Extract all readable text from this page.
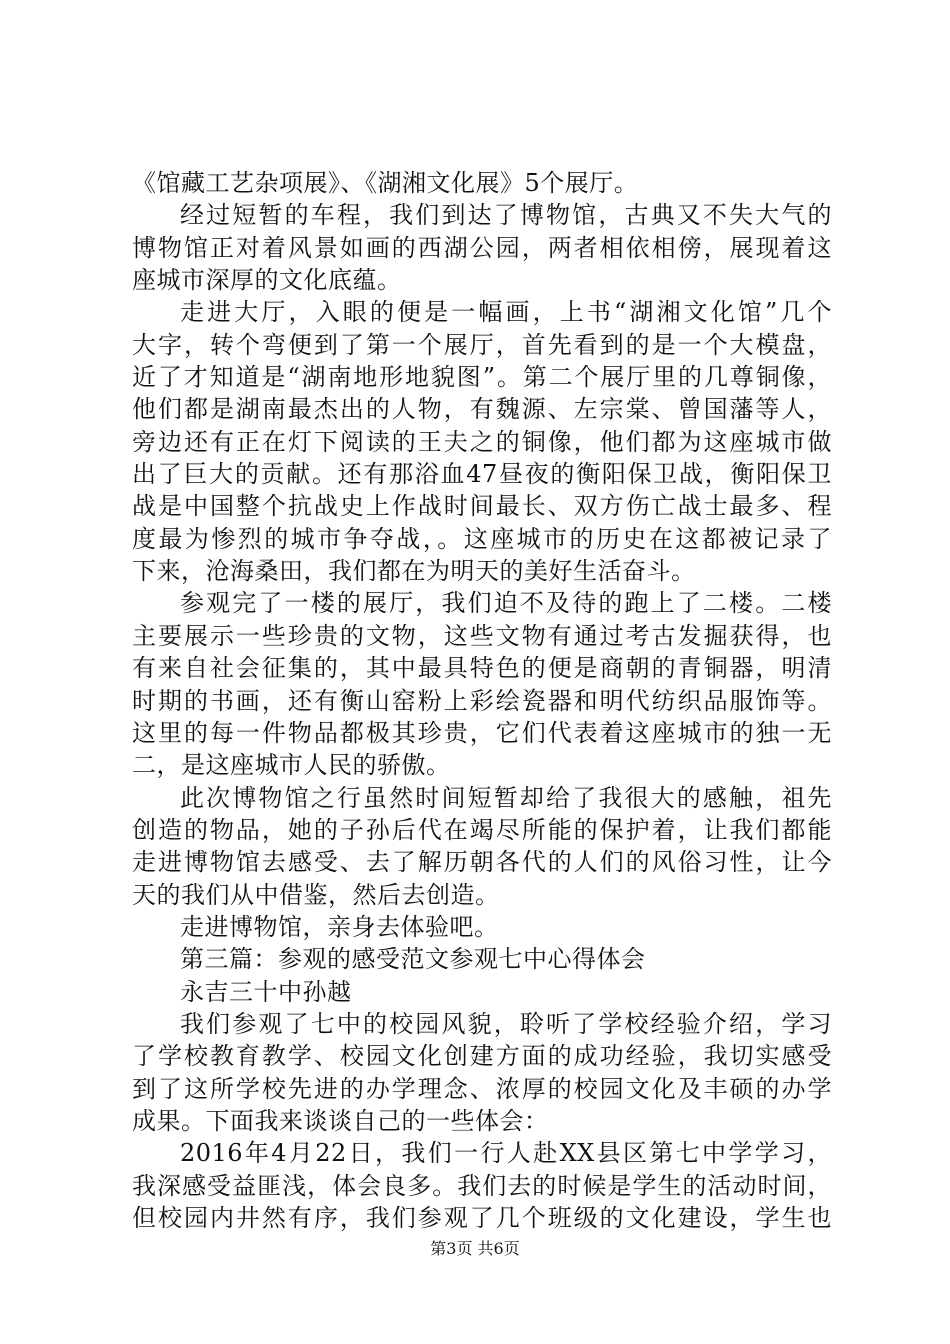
《馆藏工艺杂项展》、《湖湘文化展》5个展厅。
经过短暂的车程，我们到达了博物馆，古典又不失大气的
博物馆正对着风景如画的西湖公园，两者相依相傍，展现着这
座城市深厚的文化底蕴。
走进大厅，入眼的便是一幅画，上书“湖湘文化馆”几个
大字，转个弯便到了第一个展厅，首先看到的是一个大模盘，
近了才知道是“湖南地形地貌图”。第二个展厅里的几尊铜像，
他们都是湖南最杰出的人物，有魏源、左宗棠、曾国藩等人，
旁边还有正在灯下阅读的王夫之的铜像，他们都为这座城市做
出了巨大的贡献。还有那浴血47昼夜的衡阳保卫战，衡阳保卫
战是中国整个抗战史上作战时间最长、双方伤亡战士最多、程
度最为惨烈的城市争夺战，。这座城市的历史在这都被记录了
下来，沧海桑田，我们都在为明天的美好生活奋斗。
参观完了一楼的展厅，我们迫不及待的跑上了二楼。二楼
主要展示一些珍贵的文物，这些文物有通过考古发掘获得，也
有来自社会征集的，其中最具特色的便是商朝的青铜器，明清
时期的书画，还有衡山窑粉上彩绘瓷器和明代纺织品服饰等。
这里的每一件物品都极其珍贵，它们代表着这座城市的独一无
二，是这座城市人民的骄傲。
此次博物馆之行虽然时间短暂却给了我很大的感触，祖先
创造的物品，她的子孙后代在竭尽所能的保护着，让我们都能
走进博物馆去感受、去了解历朝各代的人们的风俗习性，让今
天的我们从中借鉴，然后去创造。
走进博物馆，亲身去体验吧。
第三篇：参观的感受范文参观七中心得体会
永吉三十中孙越
我们参观了七中的校园风貌，聆听了学校经验介绍，学习
了学校教育教学、校园文化创建方面的成功经验，我切实感受
到了这所学校先进的办学理念、浓厚的校园文化及丰硕的办学
成果。下面我来谈谈自己的一些体会：
2016年4月22日，我们一行人赴XX县区第七中学学习，
我深感受益匪浅，体会良多。我们去的时候是学生的活动时间，
但校园内井然有序，我们参观了几个班级的文化建设，学生也
第3页 共6页
